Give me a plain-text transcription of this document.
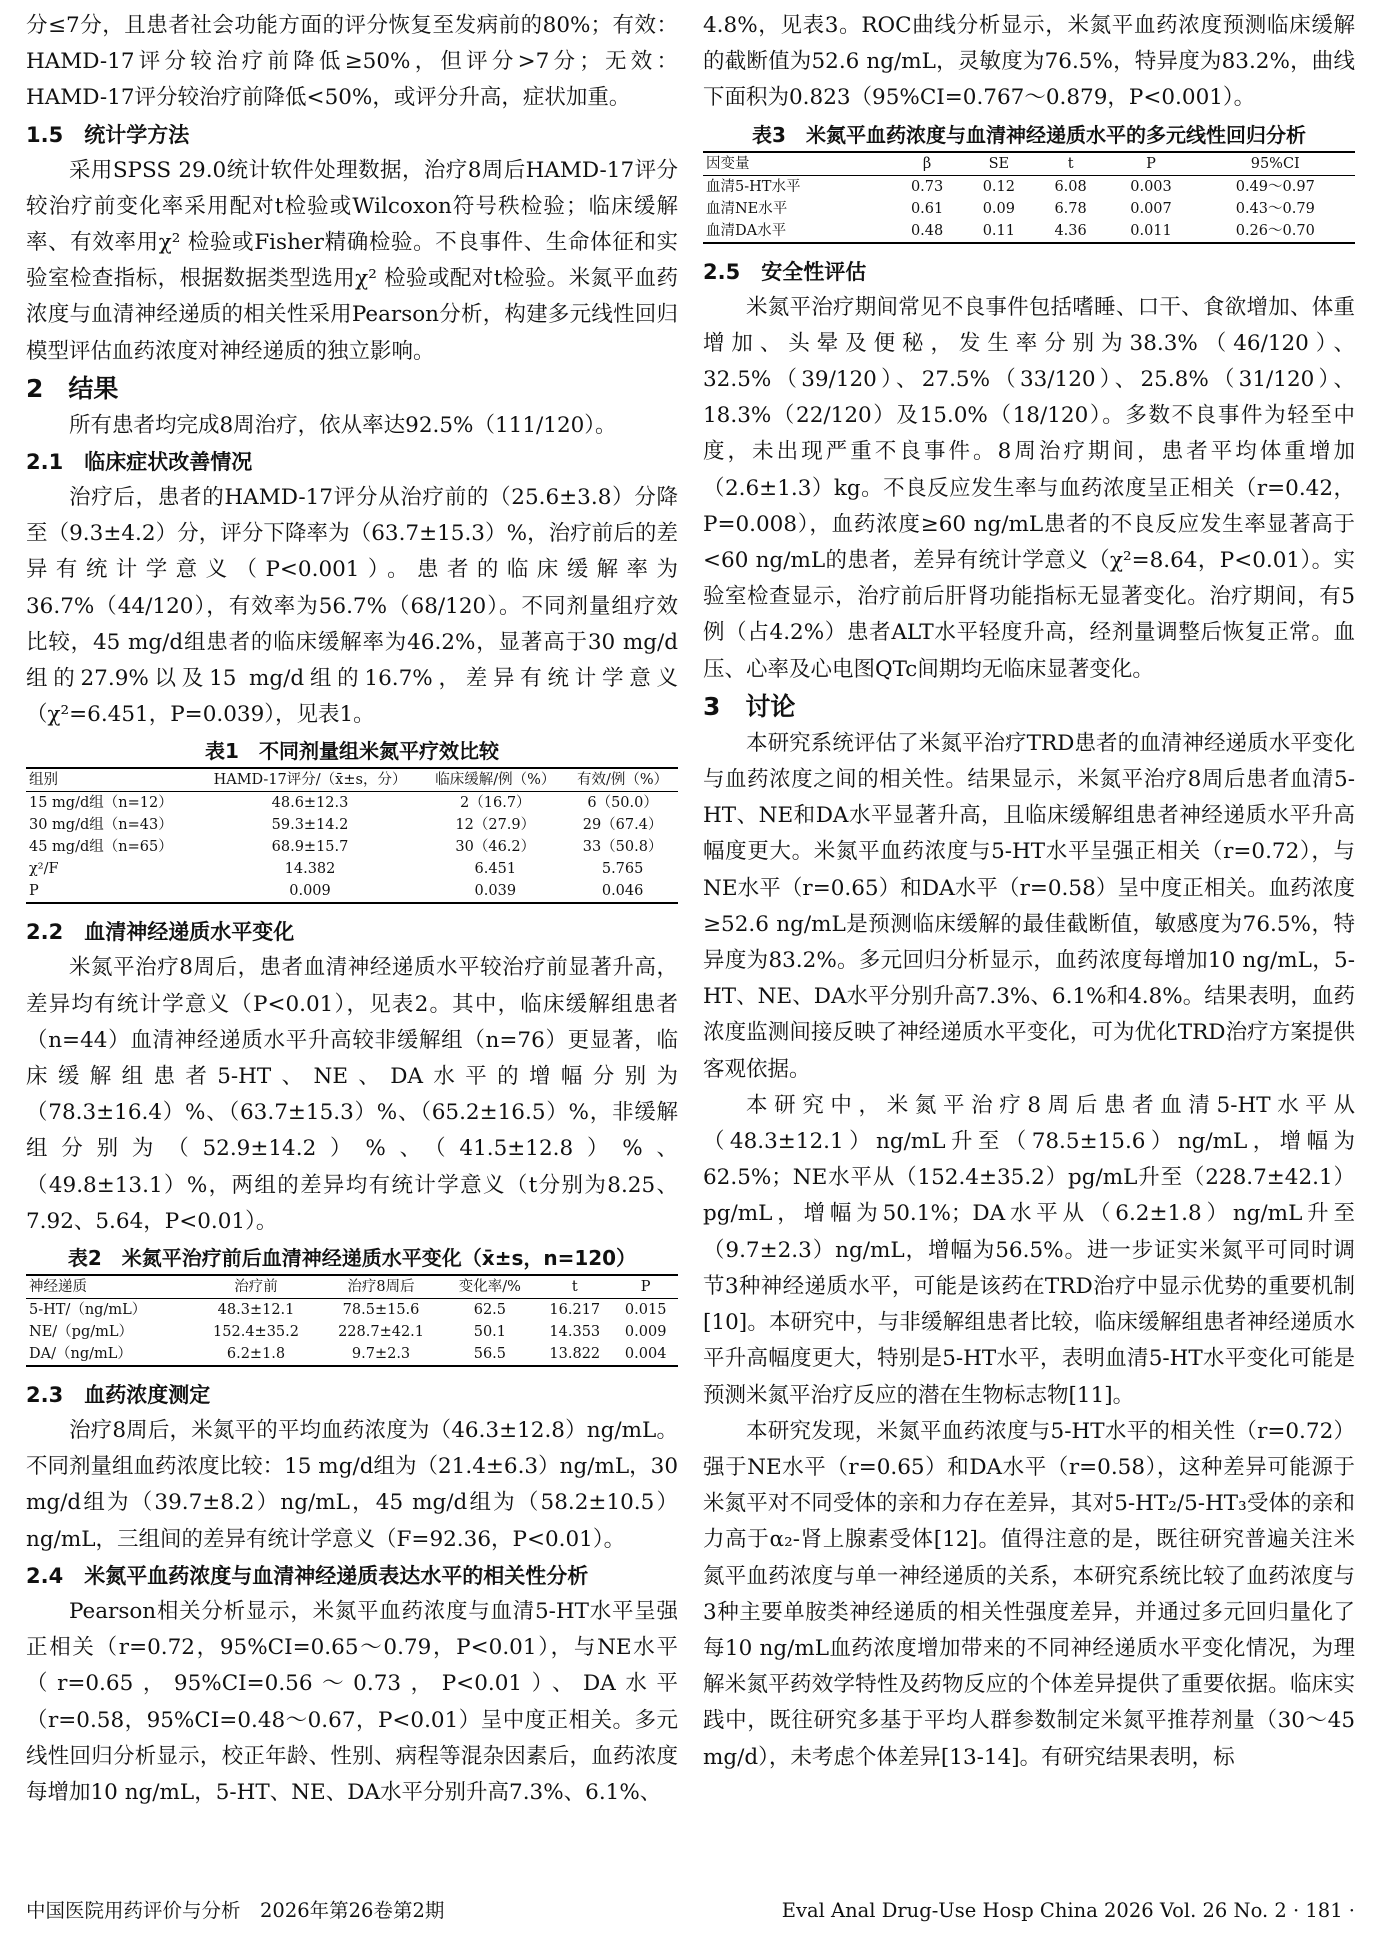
分≤7分，且患者社会功能方面的评分恢复至发病前的80%；有效：HAMD-17评分较治疗前降低≥50%，但评分>7分；无效：HAMD-17评分较治疗前降低<50%，或评分升高，症状加重。

1.5　统计学方法

采用SPSS 29.0统计软件处理数据，治疗8周后HAMD-17评分较治疗前变化率采用配对t检验或Wilcoxon符号秩检验；临床缓解率、有效率用χ² 检验或Fisher精确检验。不良事件、生命体征和实验室检查指标，根据数据类型选用χ² 检验或配对t检验。米氮平血药浓度与血清神经递质的相关性采用Pearson分析，构建多元线性回归模型评估血药浓度对神经递质的独立影响。

2　结果

所有患者均完成8周治疗，依从率达92.5%（111/120）。

2.1　临床症状改善情况

治疗后，患者的HAMD-17评分从治疗前的（25.6±3.8）分降至（9.3±4.2）分，评分下降率为（63.7±15.3）%，治疗前后的差异有统计学意义（P<0.001）。患者的临床缓解率为36.7%（44/120），有效率为56.7%（68/120）。不同剂量组疗效比较，45 mg/d组患者的临床缓解率为46.2%，显著高于30 mg/d组的27.9%以及15 mg/d组的16.7%，差异有统计学意义（χ²=6.451，P=0.039），见表1。

表1　不同剂量组米氮平疗效比较
组别	HAMD-17评分/（x̄±s，分）	临床缓解/例（%）	有效/例（%）
15 mg/d组（n=12）	48.6±12.3	2（16.7）	6（50.0）
30 mg/d组（n=43）	59.3±14.2	12（27.9）	29（67.4）
45 mg/d组（n=65）	68.9±15.7	30（46.2）	33（50.8）
χ²/F	14.382	6.451	5.765
P	0.009	0.039	0.046
2.2　血清神经递质水平变化

米氮平治疗8周后，患者血清神经递质水平较治疗前显著升高，差异均有统计学意义（P<0.01），见表2。其中，临床缓解组患者（n=44）血清神经递质水平升高较非缓解组（n=76）更显著，临床缓解组患者5-HT、NE、DA水平的增幅分别为（78.3±16.4）%、（63.7±15.3）%、（65.2±16.5）%，非缓解组分别为（52.9±14.2）%、（41.5±12.8）%、（49.8±13.1）%，两组的差异均有统计学意义（t分别为8.25、7.92、5.64，P<0.01）。

表2　米氮平治疗前后血清神经递质水平变化（x̄±s，n=120）
神经递质	治疗前	治疗8周后	变化率/%	t	P
5-HT/（ng/mL）	48.3±12.1	78.5±15.6	62.5	16.217	0.015
NE/（pg/mL）	152.4±35.2	228.7±42.1	50.1	14.353	0.009
DA/（ng/mL）	6.2±1.8	9.7±2.3	56.5	13.822	0.004
2.3　血药浓度测定

治疗8周后，米氮平的平均血药浓度为（46.3±12.8）ng/mL。不同剂量组血药浓度比较：15 mg/d组为（21.4±6.3）ng/mL，30 mg/d组为（39.7±8.2）ng/mL，45 mg/d组为（58.2±10.5）ng/mL，三组间的差异有统计学意义（F=92.36，P<0.01）。

2.4　米氮平血药浓度与血清神经递质表达水平的相关性分析

Pearson相关分析显示，米氮平血药浓度与血清5-HT水平呈强正相关（r=0.72，95%CI=0.65～0.79，P<0.01），与NE水平（r=0.65，95%CI=0.56～0.73，P<0.01）、DA水平（r=0.58，95%CI=0.48～0.67，P<0.01）呈中度正相关。多元线性回归分析显示，校正年龄、性别、病程等混杂因素后，血药浓度每增加10 ng/mL，5-HT、NE、DA水平分别升高7.3%、6.1%、

4.8%，见表3。ROC曲线分析显示，米氮平血药浓度预测临床缓解的截断值为52.6 ng/mL，灵敏度为76.5%，特异度为83.2%，曲线下面积为0.823（95%CI=0.767～0.879，P<0.001）。

表3　米氮平血药浓度与血清神经递质水平的多元线性回归分析
因变量	β	SE	t	P	95%CI
血清5-HT水平	0.73	0.12	6.08	0.003	0.49～0.97
血清NE水平	0.61	0.09	6.78	0.007	0.43～0.79
血清DA水平	0.48	0.11	4.36	0.011	0.26～0.70
2.5　安全性评估

米氮平治疗期间常见不良事件包括嗜睡、口干、食欲增加、体重增加、头晕及便秘，发生率分别为38.3%（46/120）、32.5%（39/120）、27.5%（33/120）、25.8%（31/120）、18.3%（22/120）及15.0%（18/120）。多数不良事件为轻至中度，未出现严重不良事件。8周治疗期间，患者平均体重增加（2.6±1.3）kg。不良反应发生率与血药浓度呈正相关（r=0.42，P=0.008），血药浓度≥60 ng/mL患者的不良反应发生率显著高于<60 ng/mL的患者，差异有统计学意义（χ²=8.64，P<0.01）。实验室检查显示，治疗前后肝肾功能指标无显著变化。治疗期间，有5例（占4.2%）患者ALT水平轻度升高，经剂量调整后恢复正常。血压、心率及心电图QTc间期均无临床显著变化。

3　讨论

本研究系统评估了米氮平治疗TRD患者的血清神经递质水平变化与血药浓度之间的相关性。结果显示，米氮平治疗8周后患者血清5-HT、NE和DA水平显著升高，且临床缓解组患者神经递质水平升高幅度更大。米氮平血药浓度与5-HT水平呈强正相关（r=0.72），与NE水平（r=0.65）和DA水平（r=0.58）呈中度正相关。血药浓度≥52.6 ng/mL是预测临床缓解的最佳截断值，敏感度为76.5%，特异度为83.2%。多元回归分析显示，血药浓度每增加10 ng/mL，5-HT、NE、DA水平分别升高7.3%、6.1%和4.8%。结果表明，血药浓度监测间接反映了神经递质水平变化，可为优化TRD治疗方案提供客观依据。

本研究中，米氮平治疗8周后患者血清5-HT水平从（48.3±12.1）ng/mL升至（78.5±15.6）ng/mL，增幅为62.5%；NE水平从（152.4±35.2）pg/mL升至（228.7±42.1）pg/mL，增幅为50.1%；DA水平从（6.2±1.8）ng/mL升至（9.7±2.3）ng/mL，增幅为56.5%。进一步证实米氮平可同时调节3种神经递质水平，可能是该药在TRD治疗中显示优势的重要机制[10]。本研究中，与非缓解组患者比较，临床缓解组患者神经递质水平升高幅度更大，特别是5-HT水平，表明血清5-HT水平变化可能是预测米氮平治疗反应的潜在生物标志物[11]。

本研究发现，米氮平血药浓度与5-HT水平的相关性（r=0.72）强于NE水平（r=0.65）和DA水平（r=0.58），这种差异可能源于米氮平对不同受体的亲和力存在差异，其对5-HT₂/5-HT₃受体的亲和力高于α₂-肾上腺素受体[12]。值得注意的是，既往研究普遍关注米氮平血药浓度与单一神经递质的关系，本研究系统比较了血药浓度与3种主要单胺类神经递质的相关性强度差异，并通过多元回归量化了每10 ng/mL血药浓度增加带来的不同神经递质水平变化情况，为理解米氮平药效学特性及药物反应的个体差异提供了重要依据。临床实践中，既往研究多基于平均人群参数制定米氮平推荐剂量（30～45 mg/d），未考虑个体差异[13-14]。有研究结果表明，标

中国医院用药评价与分析　2026年第26卷第2期	Eval Anal Drug-Use Hosp China 2026 Vol. 26 No. 2 · 181 ·
